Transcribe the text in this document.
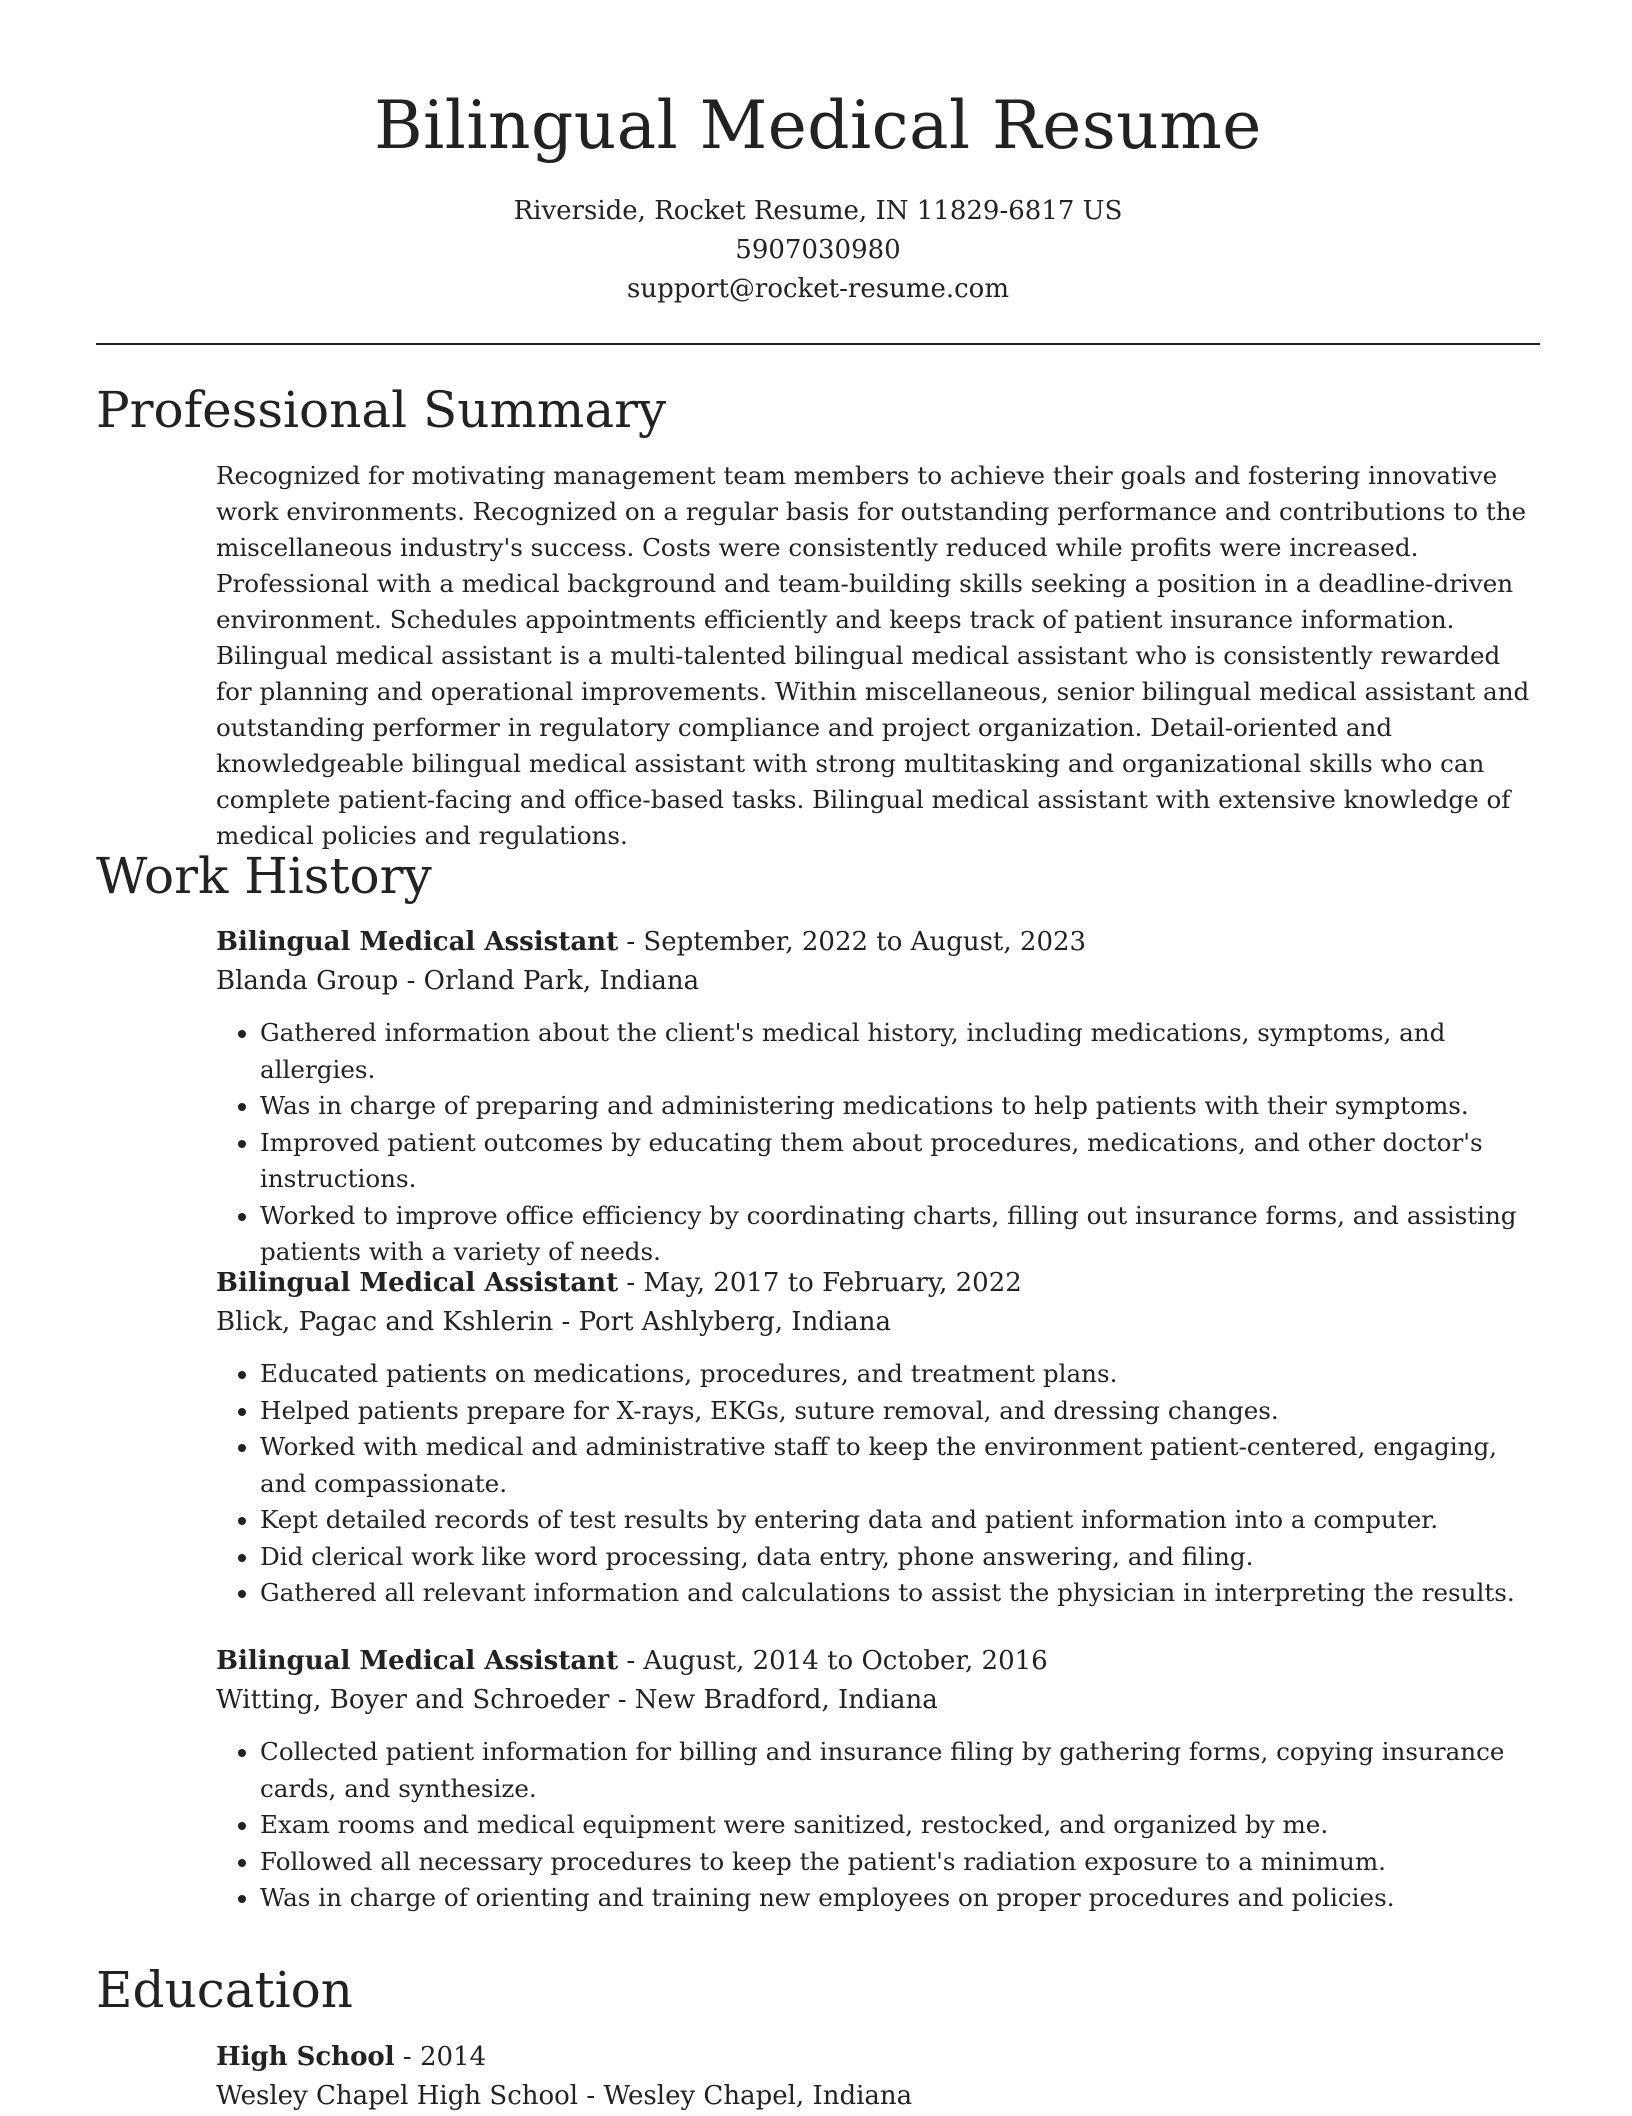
Bilingual Medical Resume
Riverside, Rocket Resume, IN 11829-6817 US
5907030980
support@rocket-resume.com
Professional Summary

Recognized for motivating management team members to achieve their goals and fostering innovative work environments. Recognized on a regular basis for outstanding performance and contributions to the miscellaneous industry's success. Costs were consistently reduced while profits were increased. Professional with a medical background and team-building skills seeking a position in a deadline-driven environment. Schedules appointments efficiently and keeps track of patient insurance information. Bilingual medical assistant is a multi-talented bilingual medical assistant who is consistently rewarded for planning and operational improvements. Within miscellaneous, senior bilingual medical assistant and outstanding performer in regulatory compliance and project organization. Detail-oriented and knowledgeable bilingual medical assistant with strong multitasking and organizational skills who can complete patient-facing and office-based tasks. Bilingual medical assistant with extensive knowledge of medical policies and regulations.

Work History
Bilingual Medical Assistant - September, 2022 to August, 2023
Blanda Group - Orland Park, Indiana
• Gathered information about the client's medical history, including medications, symptoms, and allergies.
• Was in charge of preparing and administering medications to help patients with their symptoms.
• Improved patient outcomes by educating them about procedures, medications, and other doctor's instructions.
• Worked to improve office efficiency by coordinating charts, filling out insurance forms, and assisting patients with a variety of needs.
Bilingual Medical Assistant - May, 2017 to February, 2022
Blick, Pagac and Kshlerin - Port Ashlyberg, Indiana
• Educated patients on medications, procedures, and treatment plans.
• Helped patients prepare for X-rays, EKGs, suture removal, and dressing changes.
• Worked with medical and administrative staff to keep the environment patient-centered, engaging, and compassionate.
• Kept detailed records of test results by entering data and patient information into a computer.
• Did clerical work like word processing, data entry, phone answering, and filing.
• Gathered all relevant information and calculations to assist the physician in interpreting the results.
Bilingual Medical Assistant - August, 2014 to October, 2016
Witting, Boyer and Schroeder - New Bradford, Indiana
• Collected patient information for billing and insurance filing by gathering forms, copying insurance cards, and synthesize.
• Exam rooms and medical equipment were sanitized, restocked, and organized by me.
• Followed all necessary procedures to keep the patient's radiation exposure to a minimum.
• Was in charge of orienting and training new employees on proper procedures and policies.
Education
High School - 2014
Wesley Chapel High School - Wesley Chapel, Indiana
